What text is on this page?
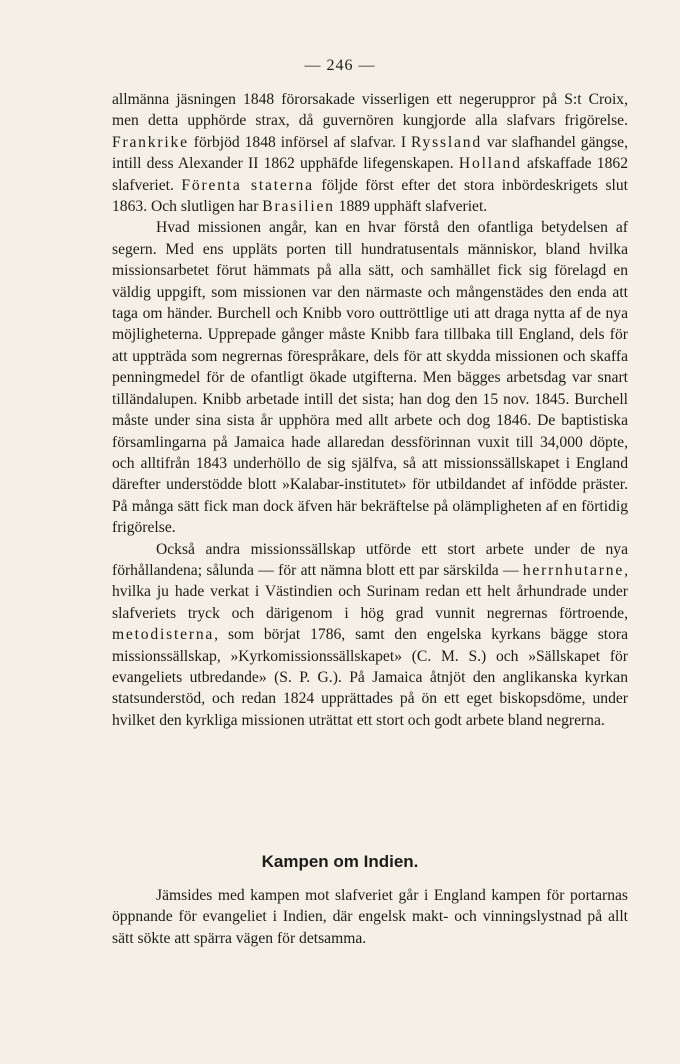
— 246 —

allmänna jäsningen 1848 förorsakade visserligen ett negeruppror på S:t Croix, men detta upphörde strax, då guvernören kungjorde alla slafvars frigörelse. Frankrike förbjöd 1848 införsel af slafvar. I Ryssland var slafhandel gängse, intill dess Alexander II 1862 upphäfde lifegenskapen. Holland afskaffade 1862 slafveriet. Förenta staterna följde först efter det stora inbördeskrigets slut 1863. Och slutligen har Brasilien 1889 upphäft slafveriet.

Hvad missionen angår, kan en hvar förstå den ofantliga betydelsen af segern. Med ens uppläts porten till hundratusentals människor, bland hvilka missionsarbetet förut hämmats på alla sätt, och samhället fick sig förelagd en väldig uppgift, som missionen var den närmaste och mångenstädes den enda att taga om händer. Burchell och Knibb voro outtröttlige uti att draga nytta af de nya möjligheterna. Upprepade gånger måste Knibb fara tillbaka till England, dels för att uppträda som negrernas förespråkare, dels för att skydda missionen och skaffa penningmedel för de ofantligt ökade utgifterna. Men bägges arbetsdag var snart tilländalupen. Knibb arbetade intill det sista; han dog den 15 nov. 1845. Burchell måste under sina sista år upphöra med allt arbete och dog 1846. De baptistiska församlingarna på Jamaica hade allaredan dessförinnan vuxit till 34,000 döpte, och alltifrån 1843 underhöllo de sig själfva, så att missionssällskapet i England därefter understödde blott »Kalabar-institutet» för utbildandet af infödde präster. På många sätt fick man dock äfven här bekräftelse på olämpligheten af en förtidig frigörelse.

Också andra missionssällskap utförde ett stort arbete under de nya förhållandena; sålunda — för att nämna blott ett par särskilda — herrnhutarne, hvilka ju hade verkat i Västindien och Surinam redan ett helt århundrade under slafveriets tryck och därigenom i hög grad vunnit negrernas förtroende, metodisterna, som börjat 1786, samt den engelska kyrkans bägge stora missionssällskap, »Kyrkomissionssällskapet» (C. M. S.) och »Sällskapet för evangeliets utbredande» (S. P. G.). På Jamaica åtnjöt den anglikanska kyrkan statsunderstöd, och redan 1824 upprättades på ön ett eget biskopsdöme, under hvilket den kyrkliga missionen uträttat ett stort och godt arbete bland negrerna.

Kampen om Indien.

Jämsides med kampen mot slafveriet går i England kampen för portarnas öppnande för evangeliet i Indien, där engelsk makt- och vinningslystnad på allt sätt sökte att spärra vägen för detsamma.
